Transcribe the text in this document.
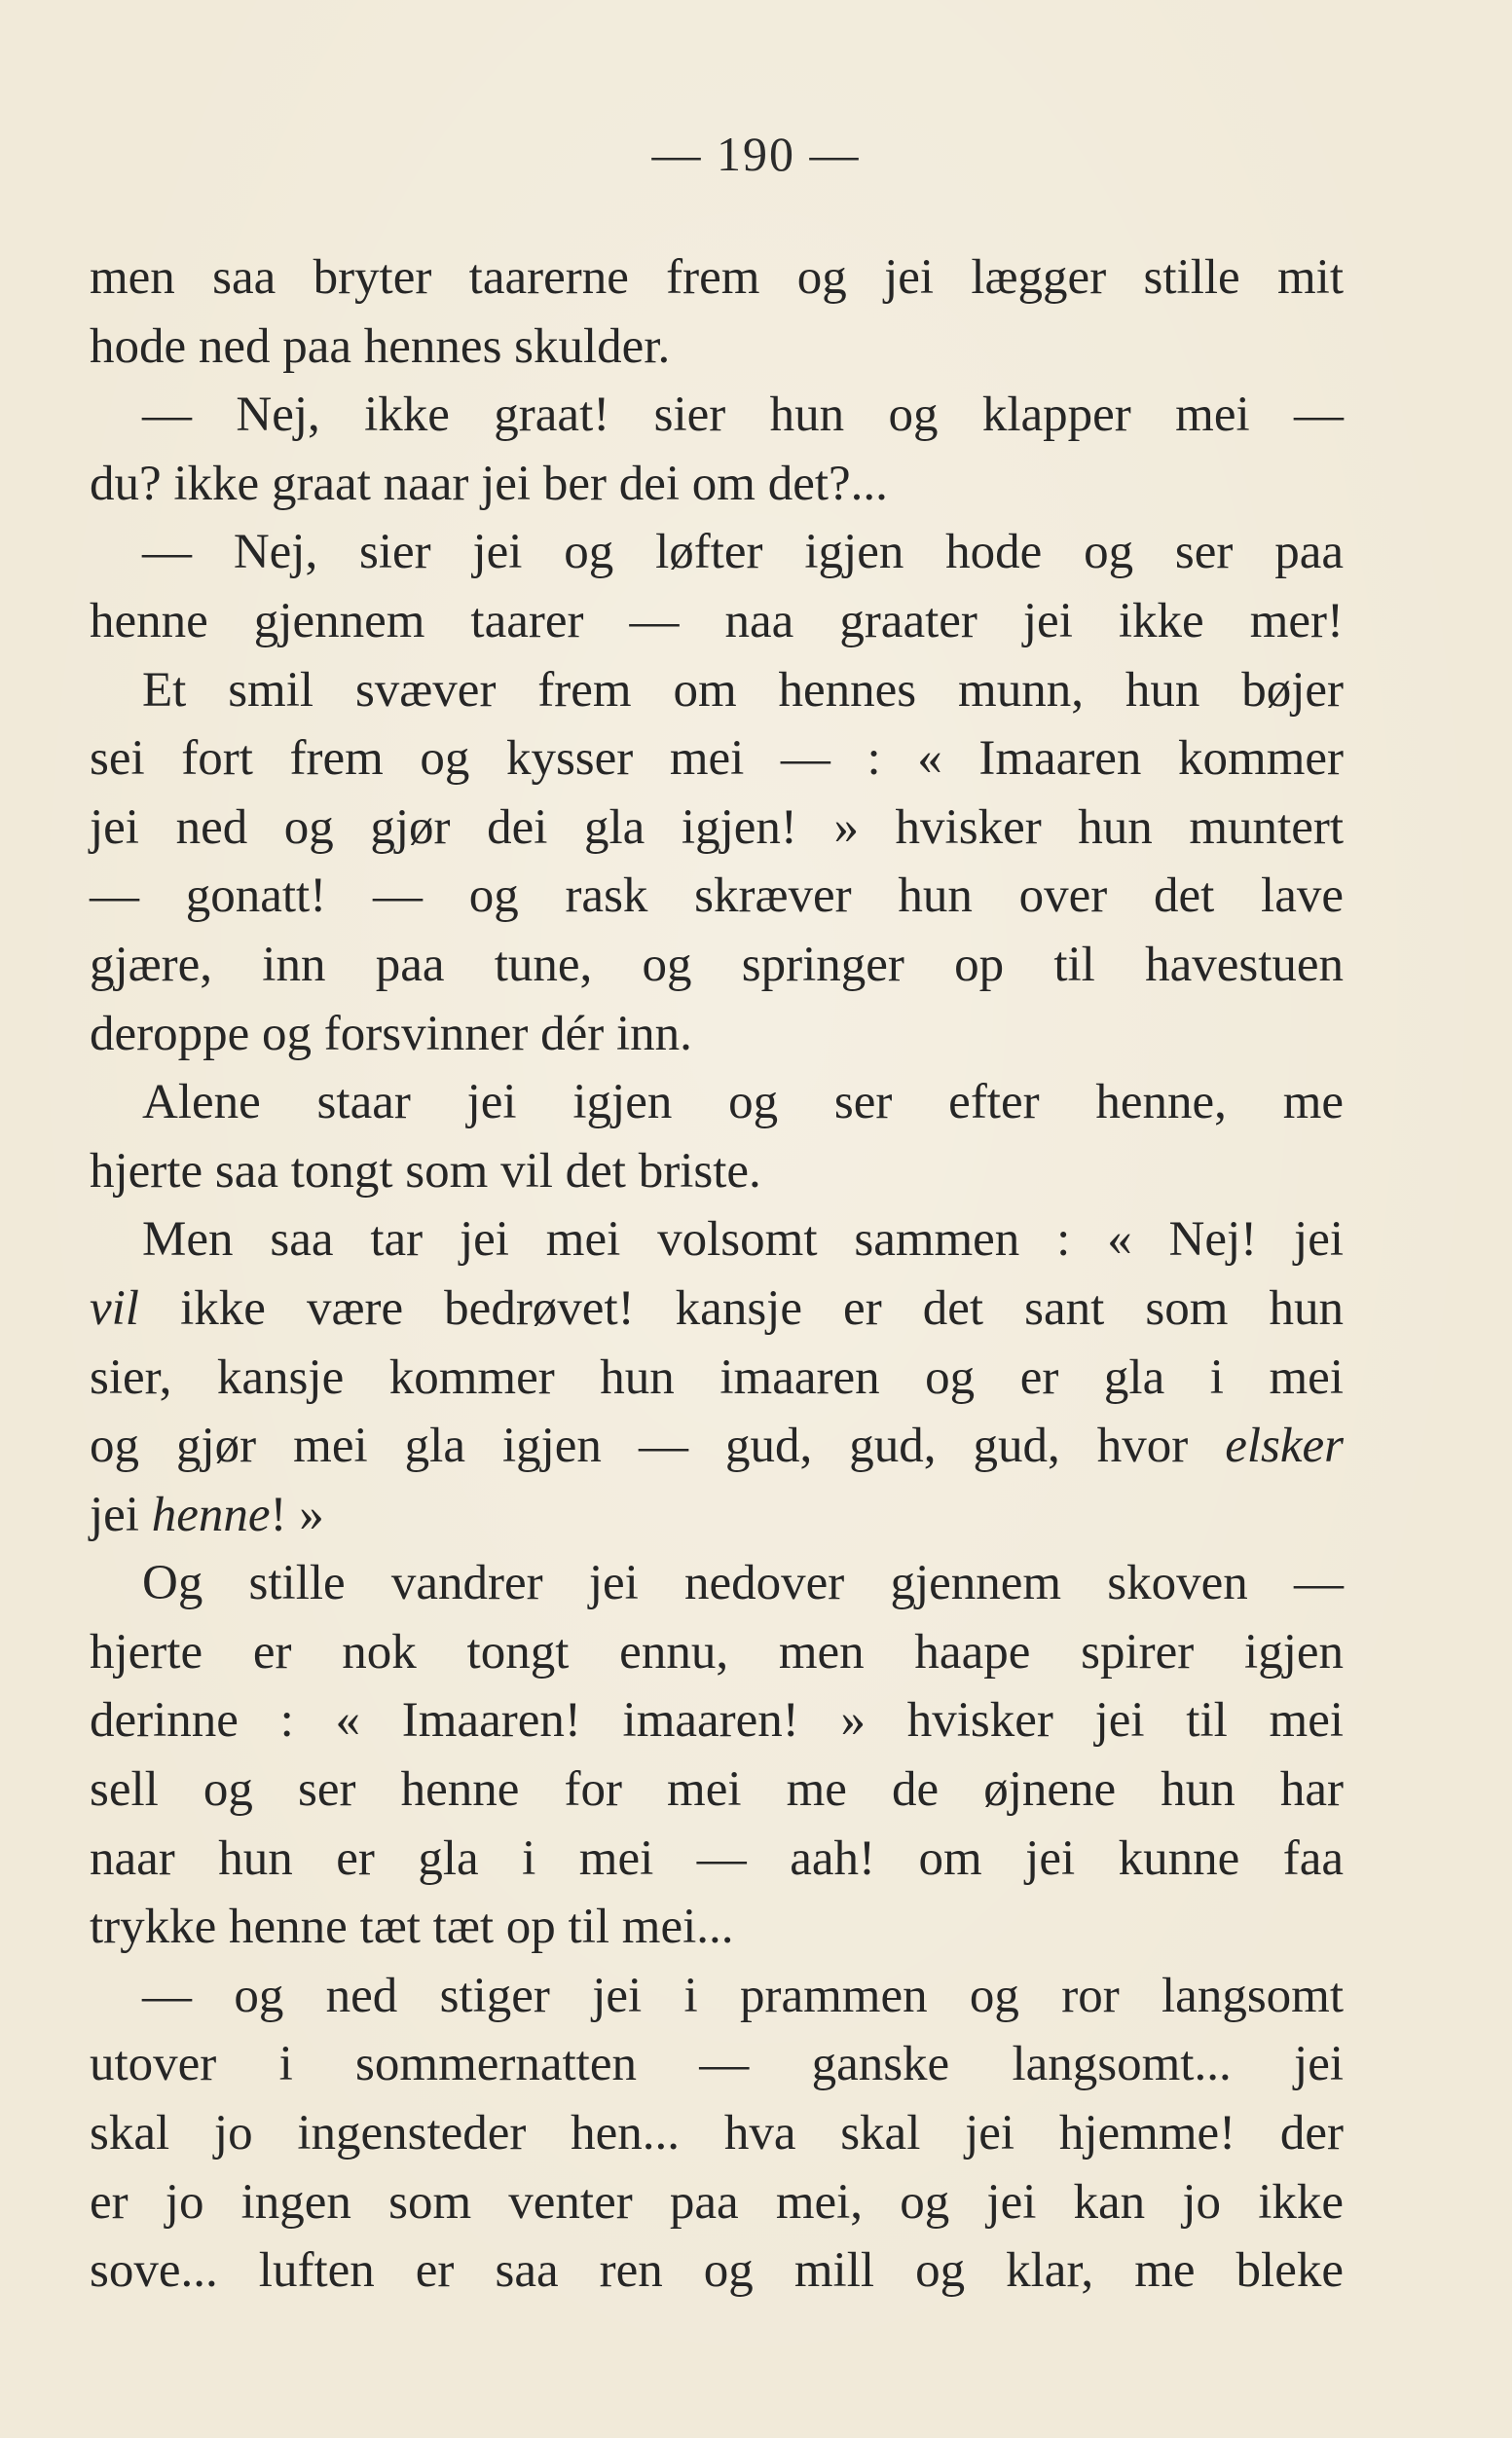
— 190 —
men saa bryter taarerne frem og jei lægger stille mit
hode ned paa hennes skulder.
— Nej, ikke graat! sier hun og klapper mei —
du? ikke graat naar jei ber dei om det?...
— Nej, sier jei og løfter igjen hode og ser paa
henne gjennem taarer — naa graater jei ikke mer!
Et smil svæver frem om hennes munn, hun bøjer
sei fort frem og kysser mei — : « Imaaren kommer
jei ned og gjør dei gla igjen! » hvisker hun muntert
— gonatt! — og rask skræver hun over det lave
gjære, inn paa tune, og springer op til havestuen
deroppe og forsvinner dér inn.
Alene staar jei igjen og ser efter henne, me
hjerte saa tongt som vil det briste.
Men saa tar jei mei volsomt sammen : « Nej! jei
vil ikke være bedrøvet! kansje er det sant som hun
sier, kansje kommer hun imaaren og er gla i mei
og gjør mei gla igjen — gud, gud, gud, hvor elsker
jei henne! »
Og stille vandrer jei nedover gjennem skoven —
hjerte er nok tongt ennu, men haape spirer igjen
derinne : « Imaaren! imaaren! » hvisker jei til mei
sell og ser henne for mei me de øjnene hun har
naar hun er gla i mei — aah! om jei kunne faa
trykke henne tæt tæt op til mei...
— og ned stiger jei i prammen og ror langsomt
utover i sommernatten — ganske langsomt... jei
skal jo ingensteder hen... hva skal jei hjemme! der
er jo ingen som venter paa mei, og jei kan jo ikke
sove... luften er saa ren og mill og klar, me bleke
